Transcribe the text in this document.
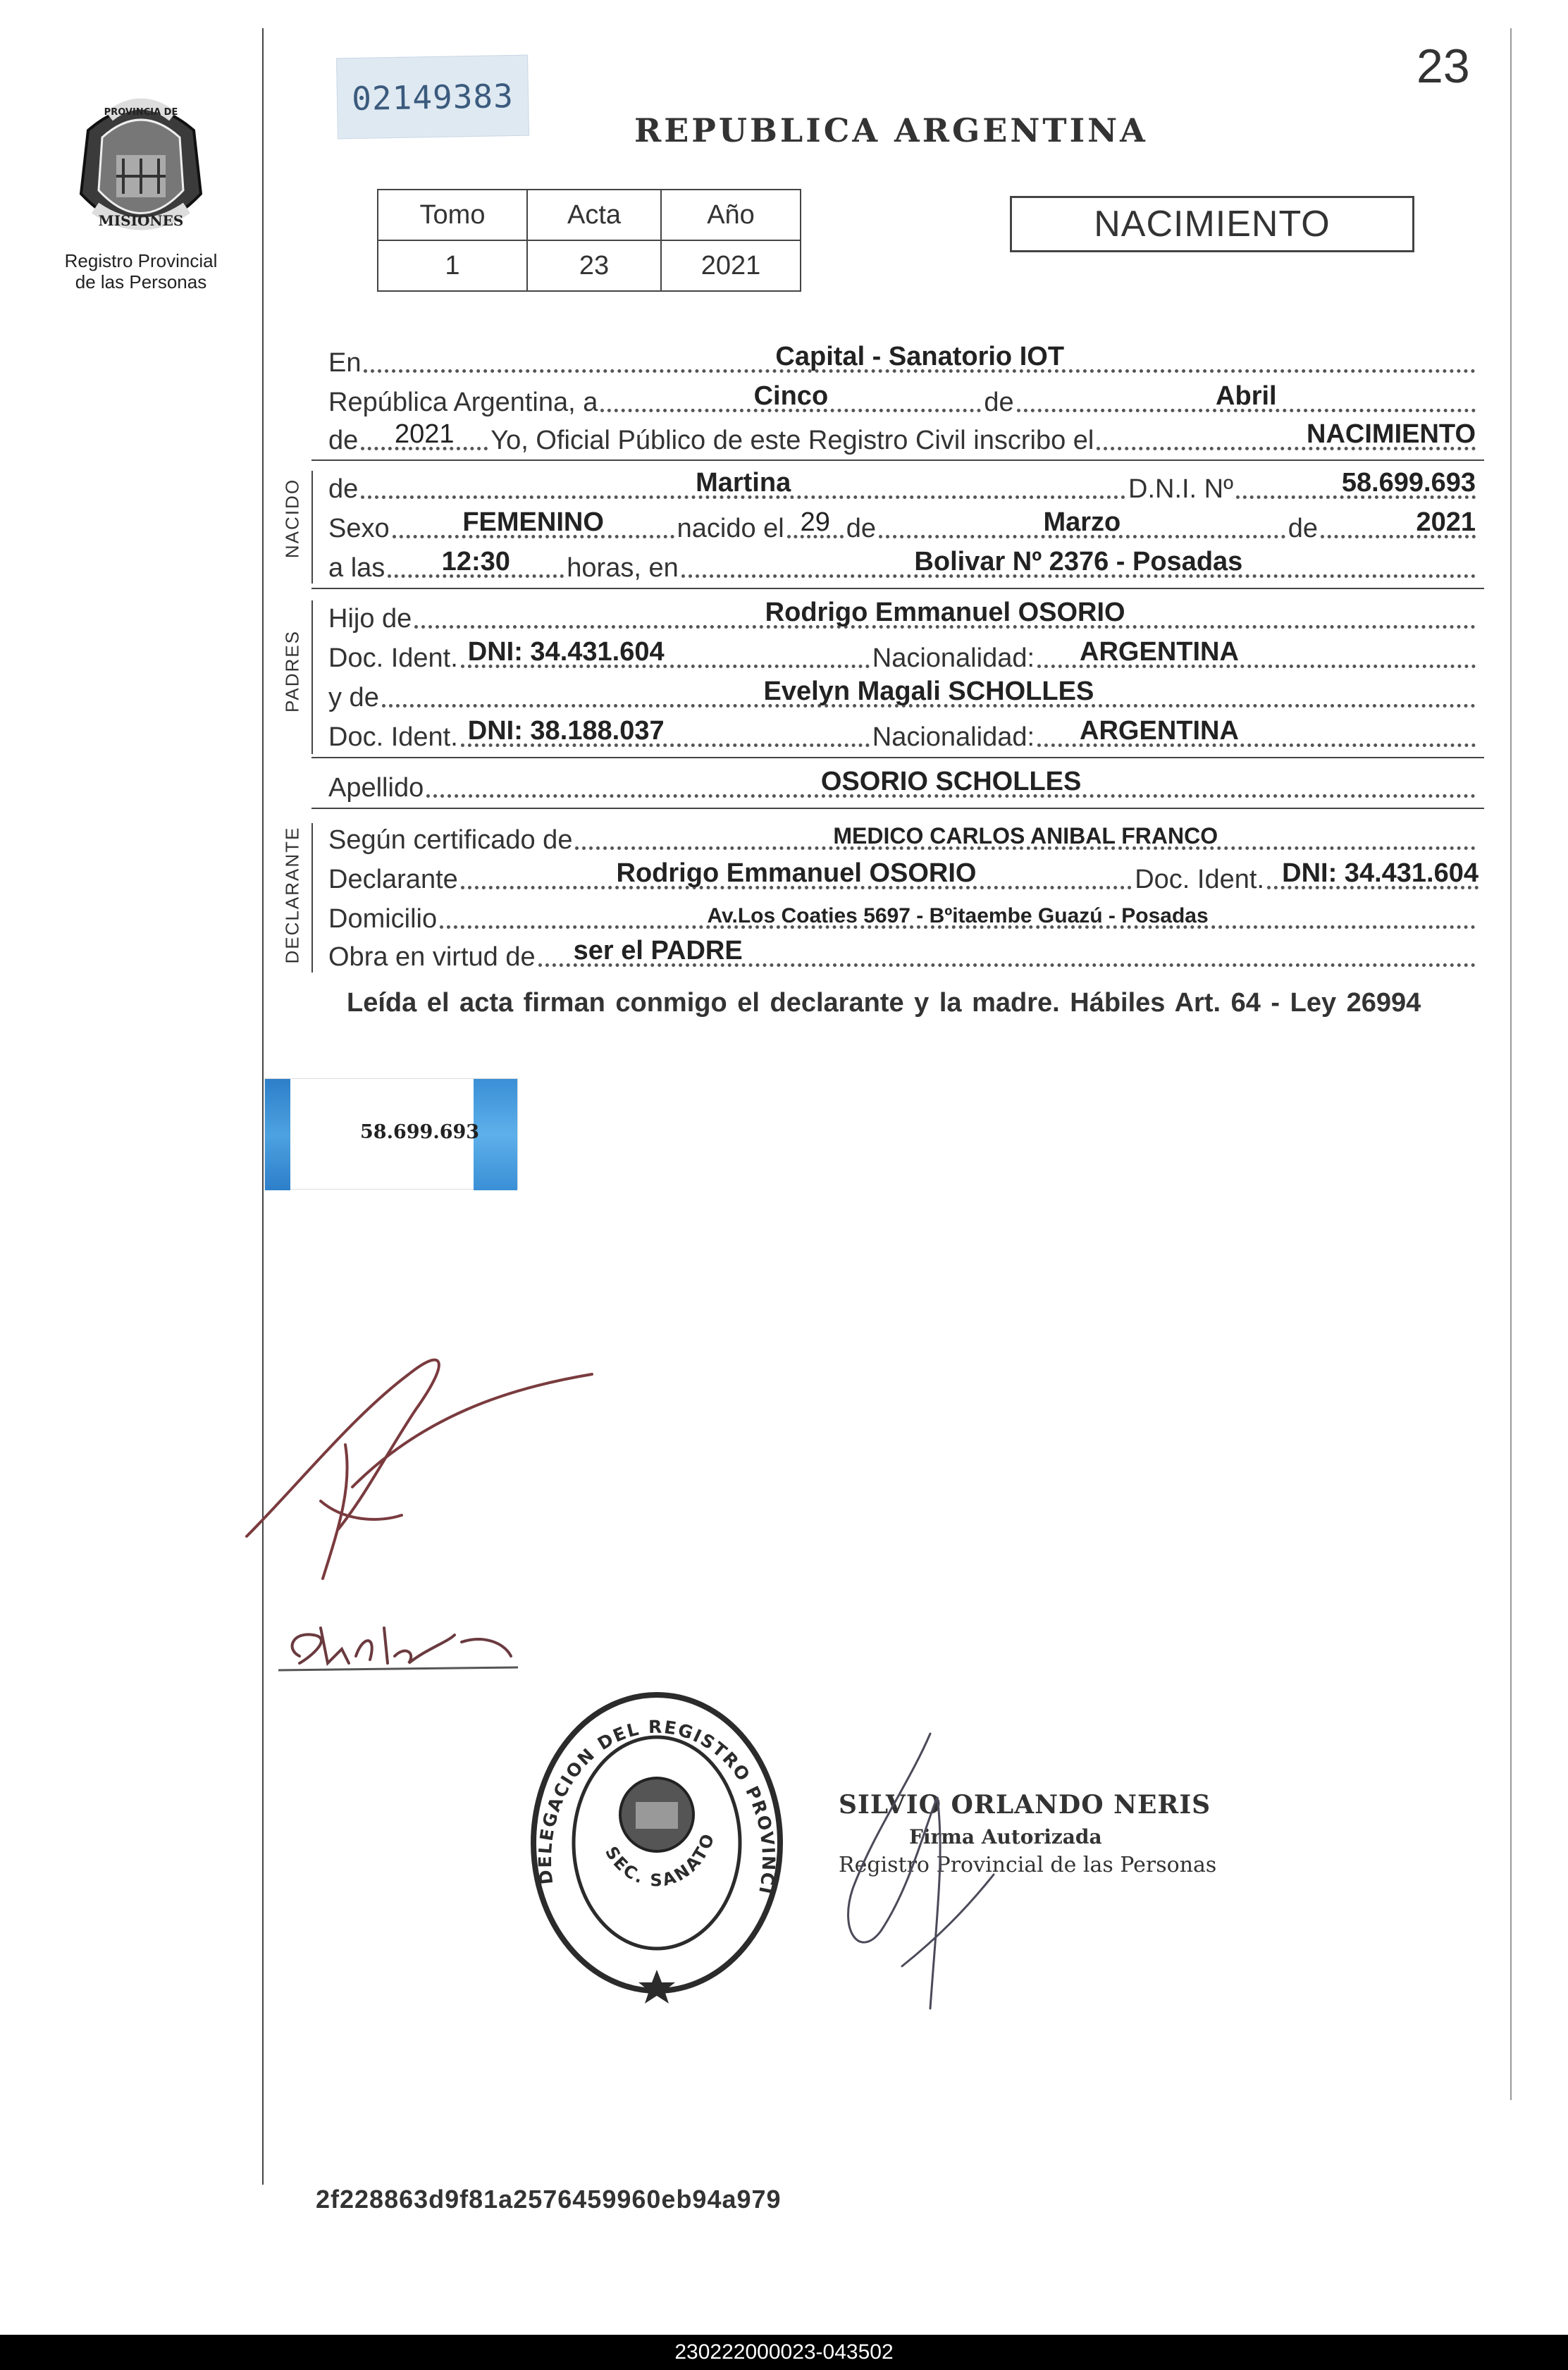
PROVINCIA DE
MISIONES
Registro Provincial
de las Personas
02149383
23
REPUBLICA ARGENTINA
Tomo	Acta	Año
1	23	2021
NACIMIENTO
En	Capital - Sanatorio IOT
República Argentina, a	Cinco	de	Abril
de 2021 Yo, Oficial Público de este Registro Civil inscribo el	NACIMIENTO
NACIDO de	Martina	D.N.I. Nº	58.699.693
Sexo	FEMENINO	nacido el 29 de	Marzo	de	2021
a las 12:30 horas, en	Bolivar Nº 2376 - Posadas
PADRES
Hijo de	Rodrigo Emmanuel OSORIO
Doc. Ident. DNI: 34.431.604	Nacionalidad: ARGENTINA
y de	Evelyn Magali SCHOLLES
Doc. Ident. DNI: 38.188.037	Nacionalidad: ARGENTINA
Apellido	OSORIO SCHOLLES
DECLARANTE Según certificado de	MEDICO CARLOS ANIBAL FRANCO
Declarante	Rodrigo Emmanuel OSORIO	Doc. Ident. DNI: 34.431.604
Domicilio	Av.Los Coaties 5697 - Bºitaembe Guazú - Posadas
Obra en virtud de ser el PADRE
Leída el acta firman conmigo el declarante y la madre. Hábiles Art. 64 - Ley 26994
58.699.693
Scholles
DELEGACION DEL REGISTRO PROVINCI
SEC. SANATO
SILVIO ORLANDO NERIS
Firma Autorizada
Registro Provincial de las Personas
2f228863d9f81a2576459960eb94a979
230222000023-043502
